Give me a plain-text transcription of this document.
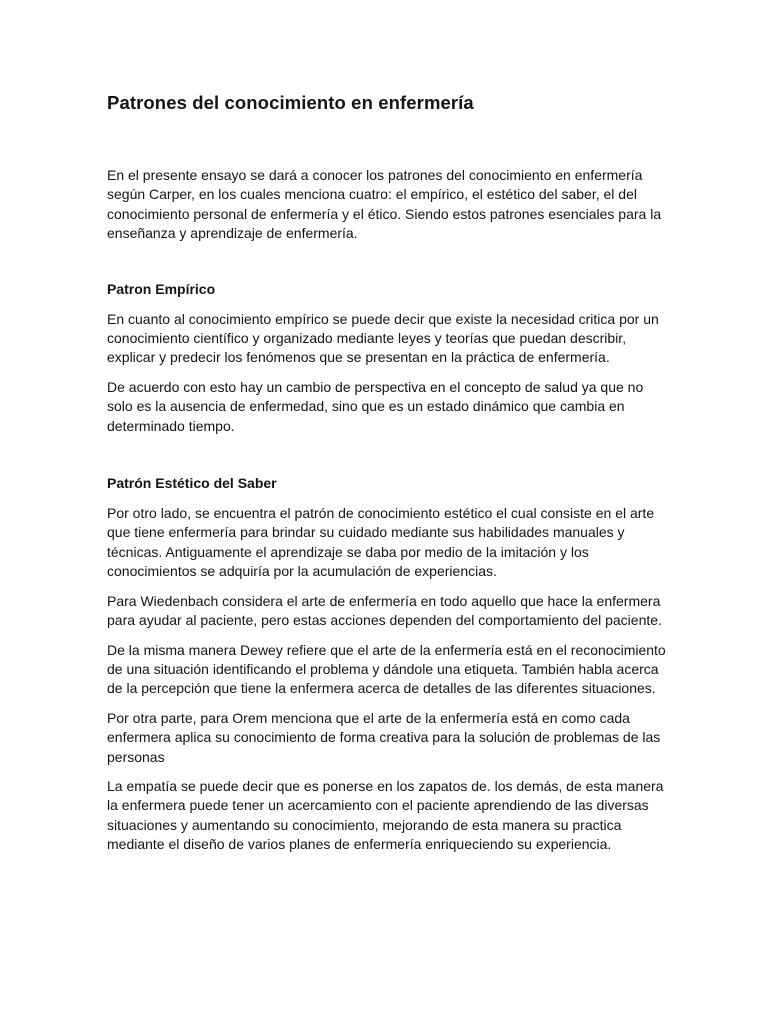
Patrones del conocimiento en enfermería

En el presente ensayo se dará a conocer los patrones del conocimiento en enfermería según Carper, en los cuales menciona cuatro: el empírico, el estético del saber, el del conocimiento personal de enfermería y el ético. Siendo estos patrones esenciales para la enseñanza y aprendizaje de enfermería.

Patron Empírico

En cuanto al conocimiento empírico se puede decir que existe la necesidad critica por un conocimiento científico y organizado mediante leyes y teorías que puedan describir, explicar y predecir los fenómenos que se presentan en la práctica de enfermería.

De acuerdo con esto hay un cambio de perspectiva en el concepto de salud ya que no solo es la ausencia de enfermedad, sino que es un estado dinámico que cambia en determinado tiempo.

Patrón Estético del Saber

Por otro lado, se encuentra el patrón de conocimiento estético el cual consiste en el arte que tiene enfermería para brindar su cuidado mediante sus habilidades manuales y técnicas. Antiguamente el aprendizaje se daba por medio de la imitación y los conocimientos se adquiría por la acumulación de experiencias.

Para Wiedenbach considera el arte de enfermería en todo aquello que hace la enfermera para ayudar al paciente, pero estas acciones dependen del comportamiento del paciente.

De la misma manera Dewey refiere que el arte de la enfermería está en el reconocimiento de una situación identificando el problema y dándole una etiqueta. También habla acerca de la percepción que tiene la enfermera acerca de detalles de las diferentes situaciones.

Por otra parte, para Orem menciona que el arte de la enfermería está en como cada enfermera aplica su conocimiento de forma creativa para la solución de problemas de las personas

La empatía se puede decir que es ponerse en los zapatos de. los demás, de esta manera la enfermera puede tener un acercamiento con el paciente aprendiendo de las diversas situaciones y aumentando su conocimiento, mejorando de esta manera su practica mediante el diseño de varios planes de enfermería enriqueciendo su experiencia.
